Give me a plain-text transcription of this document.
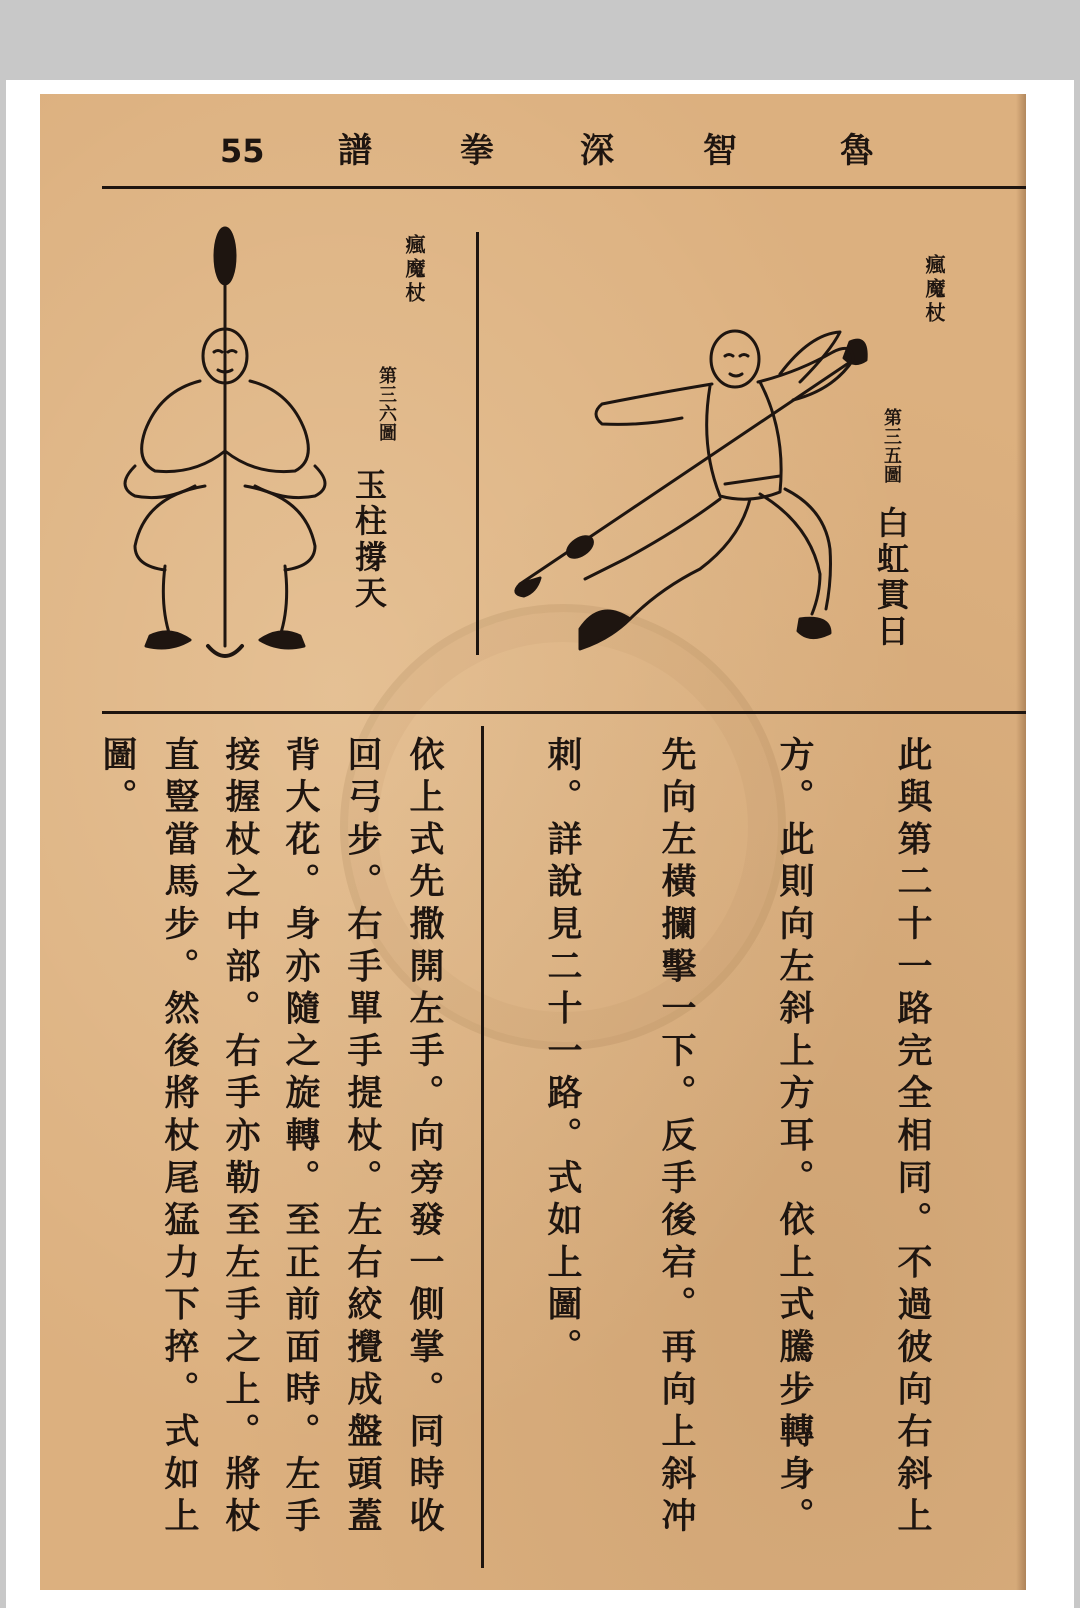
55	魯
智
深
拳
譜
瘋魔杖
第三五圖
白虹貫日
瘋魔杖
第三六圖
玉柱撐天
此與第二十一路完全相同。不過彼向右斜上
方。此則向左斜上方耳。依上式騰步轉身。
先向左橫攔擊一下。反手後宕。再向上斜冲
刺。詳說見二十一路。式如上圖。
依上式先撒開左手。向旁發一側掌。同時收
回弓步。右手單手提杖。左右絞攪成盤頭蓋
背大花。身亦隨之旋轉。至正前面時。左手
接握杖之中部。右手亦勒至左手之上。將杖
直豎當馬步。然後將杖尾猛力下捽。式如上
圖。
